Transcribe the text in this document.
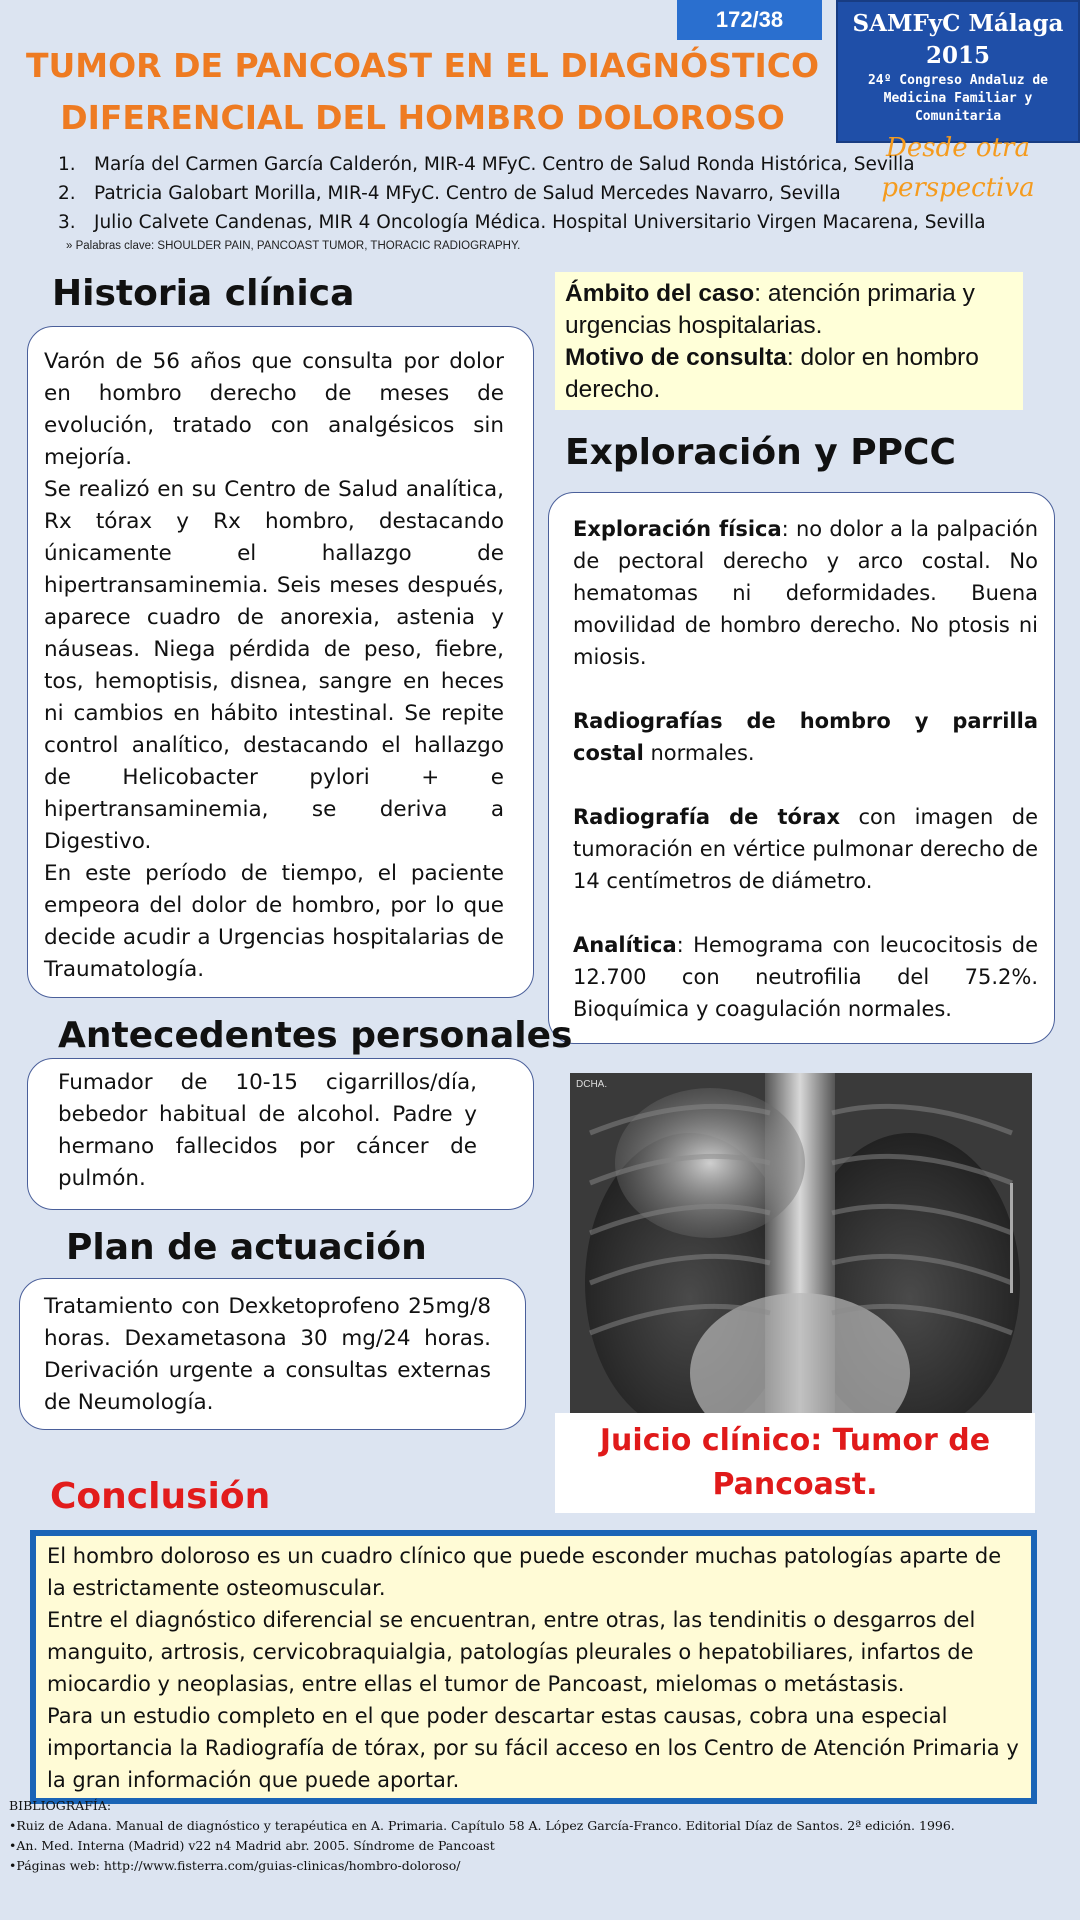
172/38	SAMFyC Málaga 2015
24º Congreso Andaluz de
Medicina Familiar y Comunitaria
Desde otra perspectiva
TUMOR DE PANCOAST EN EL DIAGNÓSTICO
DIFERENCIAL DEL HOMBRO DOLOROSO
1. María del Carmen García Calderón, MIR-4 MFyC. Centro de Salud Ronda Histórica, Sevilla
2. Patricia Galobart Morilla, MIR-4 MFyC. Centro de Salud Mercedes Navarro, Sevilla
3. Julio Calvete Candenas, MIR 4 Oncología Médica. Hospital Universitario Virgen Macarena, Sevilla
» Palabras clave: SHOULDER PAIN, PANCOAST TUMOR, THORACIC RADIOGRAPHY.
Historia clínica

Varón de 56 años que consulta por dolor en hombro derecho de meses de evolución, tratado con analgésicos sin mejoría.

Se realizó en su Centro de Salud analítica, Rx tórax y Rx hombro, destacando únicamente el hallazgo de hipertransaminemia. Seis meses después, aparece cuadro de anorexia, astenia y náuseas. Niega pérdida de peso, fiebre, tos, hemoptisis, disnea, sangre en heces ni cambios en hábito intestinal. Se repite control analítico, destacando el hallazgo de Helicobacter pylori + e hipertransaminemia, se deriva a Digestivo.

En este período de tiempo, el paciente empeora del dolor de hombro, por lo que decide acudir a Urgencias hospitalarias de Traumatología.

Ámbito del caso: atención primaria y urgencias hospitalarias.
Motivo de consulta: dolor en hombro derecho.
Exploración y PPCC

Exploración física: no dolor a la palpación de pectoral derecho y arco costal. No hematomas ni deformidades. Buena movilidad de hombro derecho. No ptosis ni miosis.

Radiografías de hombro y parrilla costal normales.

Radiografía de tórax con imagen de tumoración en vértice pulmonar derecho de 14 centímetros de diámetro.

Analítica: Hemograma con leucocitosis de 12.700 con neutrofilia del 75.2%. Bioquímica y coagulación normales.

Antecedentes personales
Fumador de 10-15 cigarrillos/día, bebedor habitual de alcohol. Padre y hermano fallecidos por cáncer de pulmón.
Plan de actuación
Tratamiento con Dexketoprofeno 25mg/8 horas. Dexametasona 30 mg/24 horas. Derivación urgente a consultas externas de Neumología.
DCHA.
Juicio clínico: Tumor de
Pancoast.
Conclusión

El hombro doloroso es un cuadro clínico que puede esconder muchas patologías aparte de la estrictamente osteomuscular.

Entre el diagnóstico diferencial se encuentran, entre otras, las tendinitis o desgarros del manguito, artrosis, cervicobraquialgia, patologías pleurales o hepatobiliares, infartos de miocardio y neoplasias, entre ellas el tumor de Pancoast, mielomas o metástasis.

Para un estudio completo en el que poder descartar estas causas, cobra una especial importancia la Radiografía de tórax, por su fácil acceso en los Centro de Atención Primaria y la gran información que puede aportar.

BIBLIOGRAFÍA:
•Ruiz de Adana. Manual de diagnóstico y terapéutica en A. Primaria. Capítulo 58 A. López García-Franco. Editorial Díaz de Santos. 2ª edición. 1996.
•An. Med. Interna (Madrid) v22 n4 Madrid abr. 2005. Síndrome de Pancoast
•Páginas web: http://www.fisterra.com/guias-clinicas/hombro-doloroso/
